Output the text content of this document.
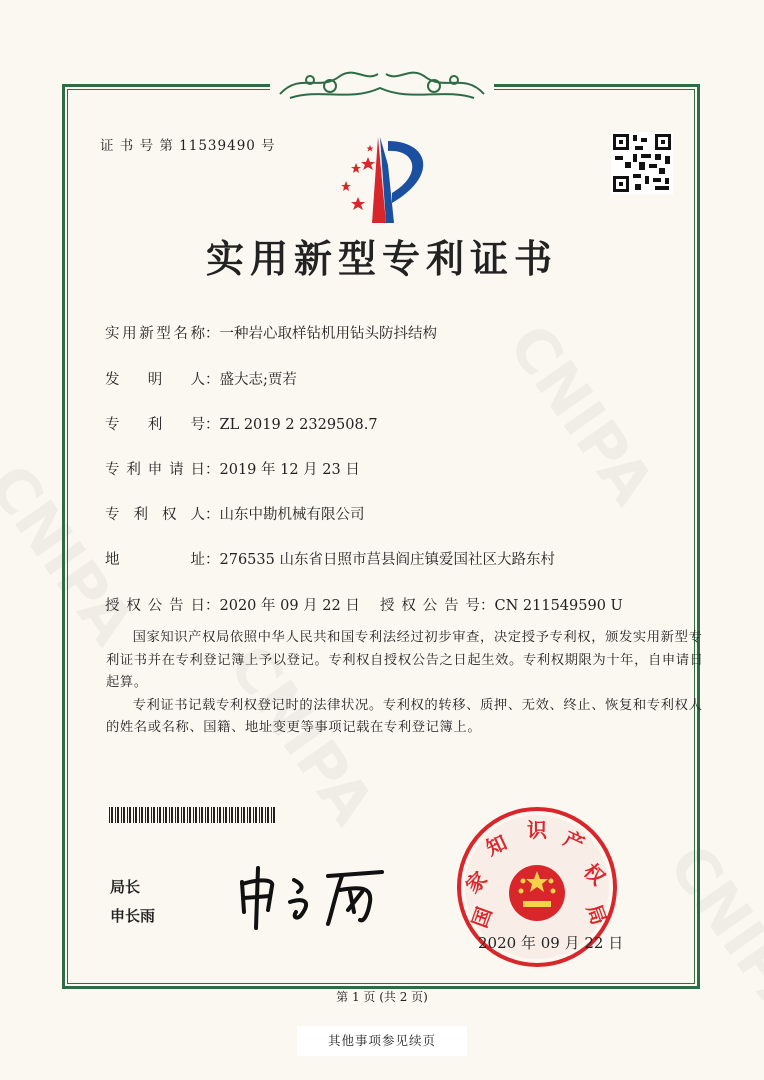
证 书 号 第 11539490 号
实用新型专利证书
实用新型名称：一种岩心取样钻机用钻头防抖结构
发明人：盛大志;贾若
专利号：ZL 2019 2 2329508.7
专利申请日：2019 年 12 月 23 日
专利权人：山东中勘机械有限公司
地址：276535 山东省日照市莒县阎庄镇爱国社区大路东村
授权公告日：2020 年 09 月 22 日 授权公告号：CN 211549590 U

国家知识产权局依照中华人民共和国专利法经过初步审查，决定授予专利权，颁发实用新型专利证书并在专利登记簿上予以登记。专利权自授权公告之日起生效。专利权期限为十年，自申请日起算。

专利证书记载专利权登记时的法律状况。专利权的转移、质押、无效、终止、恢复和专利权人的姓名或名称、国籍、地址变更等事项记载在专利登记簿上。

局长
申长雨	国
家
知
识 产
权
局
2020 年 09 月 22 日
第 1 页 (共 2 页)
其他事项参见续页
